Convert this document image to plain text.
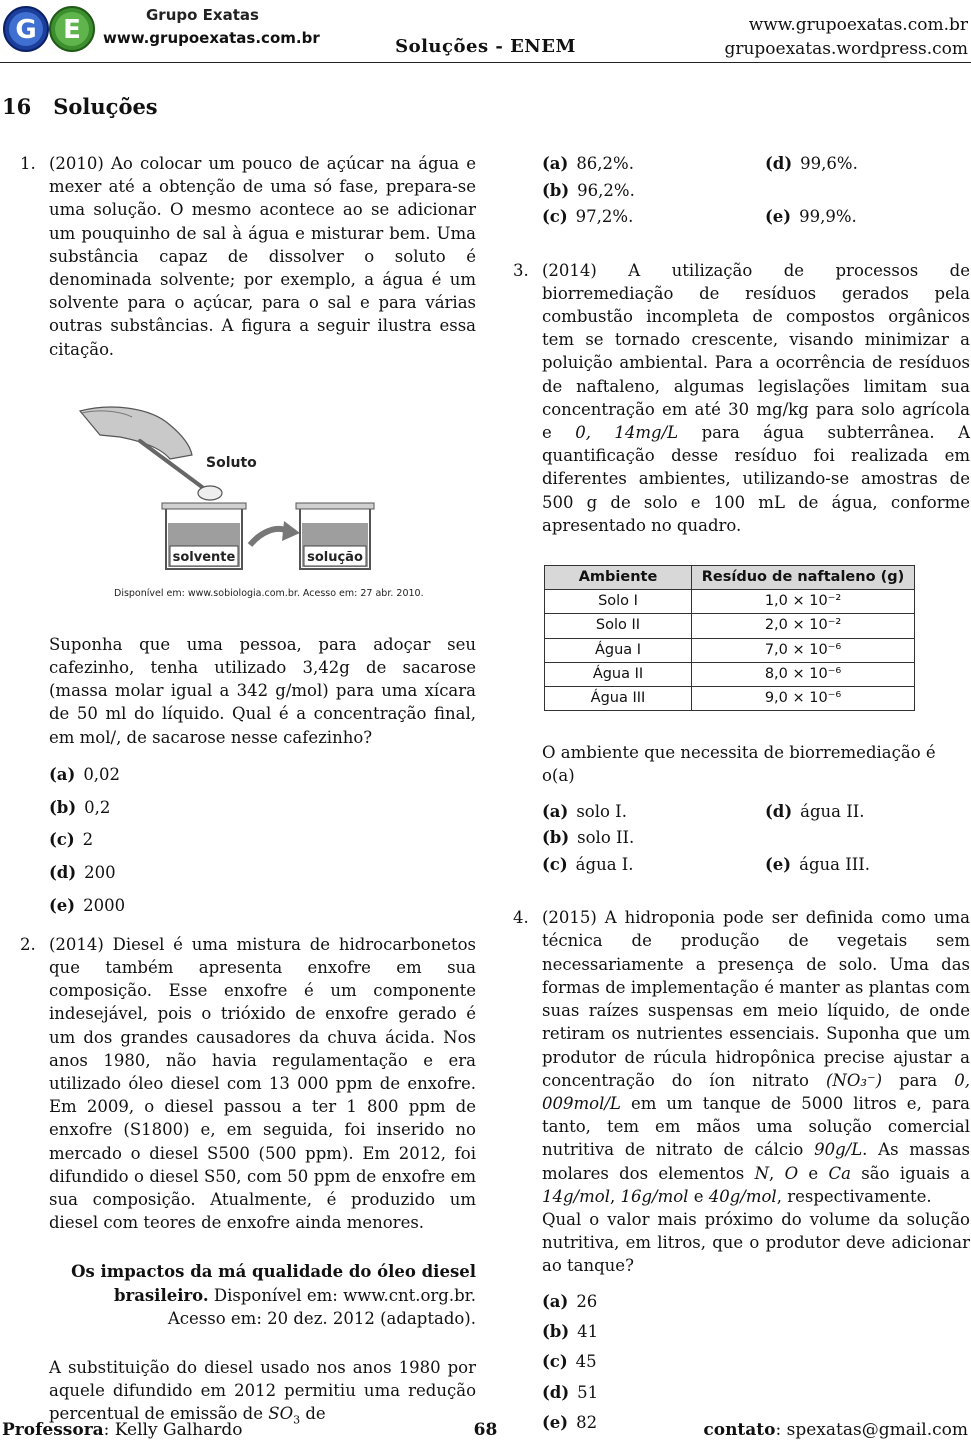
G E	Grupo Exatas
www.grupoexatas.com.br	Soluções - ENEM
www.grupoexatas.com.br
grupoexatas.wordpress.com
16 Soluções
1. (2010) Ao colocar um pouco de açúcar na água e mexer até a obtenção de uma só fase, prepara-se uma solução. O mesmo acontece ao se adicionar um pouquinho de sal à água e misturar bem. Uma substância capaz de dissolver o soluto é denominada solvente; por exemplo, a água é um solvente para o açúcar, para o sal e para várias outras substâncias. A figura a seguir ilustra essa citação.

Soluto
solvente	solução
Disponível em: www.sobiologia.com.br. Acesso em: 27 abr. 2010.

Suponha que uma pessoa, para adoçar seu cafezinho, tenha utilizado 3,42g de sacarose (massa molar igual a 342 g/mol) para uma xícara de 50 ml do líquido. Qual é a concentração final, em mol/, de sacarose nesse cafezinho?

(a) 0,02
(b) 0,2
(c) 2
(d) 200
(e) 2000
2. (2014) Diesel é uma mistura de hidrocarbonetos que também apresenta enxofre em sua composição. Esse enxofre é um componente indesejável, pois o trióxido de enxofre gerado é um dos grandes causadores da chuva ácida. Nos anos 1980, não havia regulamentação e era utilizado óleo diesel com 13 000 ppm de enxofre. Em 2009, o diesel passou a ter 1 800 ppm de enxofre (S1800) e, em seguida, foi inserido no mercado o diesel S500 (500 ppm). Em 2012, foi difundido o diesel S50, com 50 ppm de enxofre em sua composição. Atualmente, é produzido um diesel com teores de enxofre ainda menores.

Os impactos da má qualidade do óleo diesel brasileiro. Disponível em: www.cnt.org.br.
Acesso em: 20 dez. 2012 (adaptado).

A substituição do diesel usado nos anos 1980 por aquele difundido em 2012 permitiu uma redução percentual de emissão de $SO_3$ de

(a) 86,2%.	(d) 99,6%.
(b) 96,2%.
(c) 97,2%.	(e) 99,9%.
3. (2014) A utilização de processos de biorremediação de resíduos gerados pela combustão incompleta de compostos orgânicos tem se tornado crescente, visando minimizar a poluição ambiental. Para a ocorrência de resíduos de naftaleno, algumas legislações limitam sua concentração em até 30 mg/kg para solo agrícola e 0, 14mg/L para água subterrânea. A quantificação desse resíduo foi realizada em diferentes ambientes, utilizando-se amostras de 500 g de solo e 100 mL de água, conforme apresentado no quadro.

Ambiente	Resíduo de naftaleno (g)
Solo I	1,0 × 10⁻²
Solo II	2,0 × 10⁻²
Água I	7,0 × 10⁻⁶
Água II	8,0 × 10⁻⁶
Água III	9,0 × 10⁻⁶

O ambiente que necessita de biorremediação é o(a)

(a) solo I.	(d) água II.
(b) solo II.
(c) água I.	(e) água III.
4. (2015) A hidroponia pode ser definida como uma técnica de produção de vegetais sem necessariamente a presença de solo. Uma das formas de implementação é manter as plantas com suas raízes suspensas em meio líquido, de onde retiram os nutrientes essenciais. Suponha que um produtor de rúcula hidropônica precise ajustar a concentração do íon nitrato (NO₃⁻) para 0, 009mol/L em um tanque de 5000 litros e, para tanto, tem em mãos uma solução comercial nutritiva de nitrato de cálcio 90g/L. As massas molares dos elementos N, O e Ca são iguais a 14g/mol, 16g/mol e 40g/mol, respectivamente.

Qual o valor mais próximo do volume da solução nutritiva, em litros, que o produtor deve adicionar ao tanque?

(a) 26
(b) 41
(c) 45
(d) 51
(e) 82
Professora: Kelly Galhardo	68	contato: spexatas@gmail.com
